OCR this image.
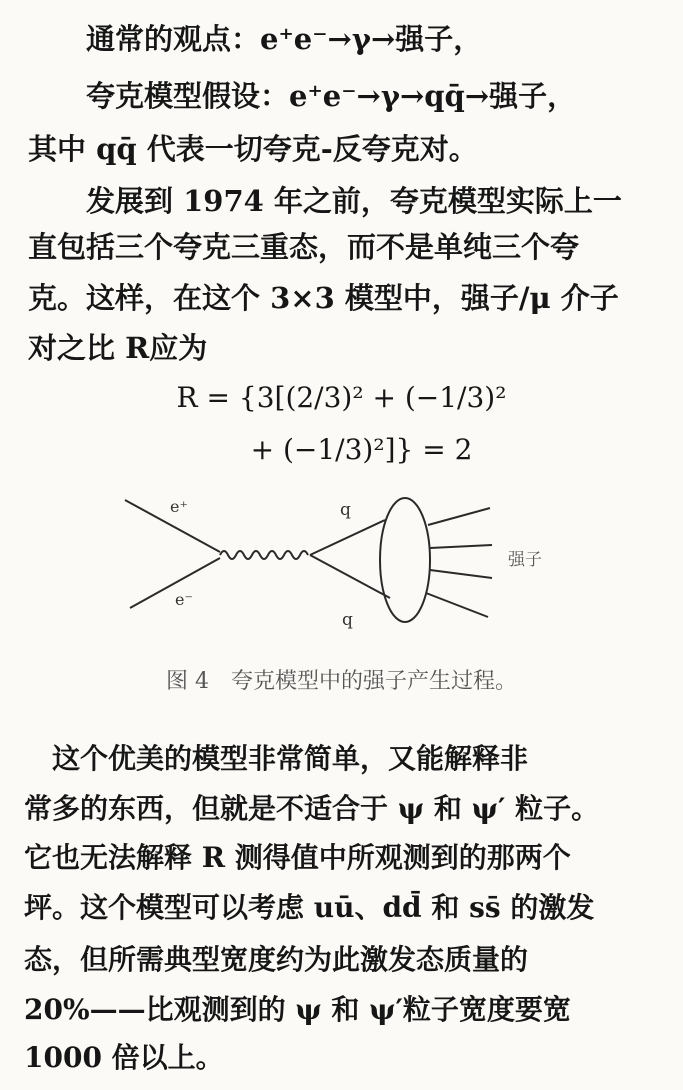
　　通常的观点：e⁺e⁻→γ→强子，
　　夸克模型假设：e⁺e⁻→γ→qq̄→强子，
其中 qq̄ 代表一切夸克-反夸克对。
　　发展到 1974 年之前，夸克模型实际上一
直包括三个夸克三重态，而不是单纯三个夸
克。这样，在这个 3×3 模型中，强子/μ 介子
对之比 R应为
R = {3[(2/3)² + (−1/3)²
+ (−1/3)²]} = 2
e⁺
e⁻
q
q
强子
图 4　夸克模型中的强子产生过程。
　这个优美的模型非常简单，又能解释非
常多的东西，但就是不适合于 ψ 和 ψ′ 粒子。
它也无法解释 R 测得值中所观测到的那两个
坪。这个模型可以考虑 uū、dd̄ 和 ss̄ 的激发
态，但所需典型宽度约为此激发态质量的
20%——比观测到的 ψ 和 ψ′粒子宽度要宽
1000 倍以上。
